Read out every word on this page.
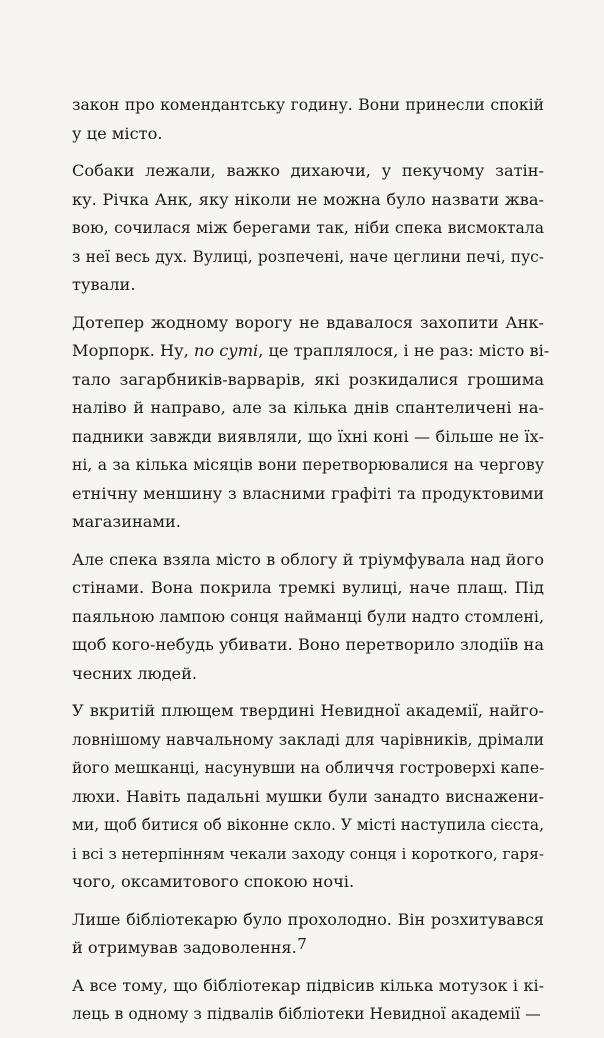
закон про комендантську годину. Вони принесли спокій
у це місто.

Собаки лежали, важко дихаючи, у пекучому затін-
ку. Річка Анк, яку ніколи не можна було назвати жва-
вою, сочилася між берегами так, ніби спека висмоктала
з неї весь дух. Вулиці, розпечені, наче цеглини печі, пус-
тували.

Дотепер жодному ворогу не вдавалося захопити Анк-
Морпорк. Ну, по суті, це траплялося, і не раз: місто ві-
тало загарбників-варварів, які розкидалися грошима
наліво й направо, але за кілька днів спантеличені на-
падники завжди виявляли, що їхні коні — більше не їх-
ні, а за кілька місяців вони перетворювалися на чергову
етнічну меншину з власними графіті та продуктовими
магазинами.

Але спека взяла місто в облогу й тріумфувала над його
стінами. Вона покрила тремкі вулиці, наче плащ. Під
паяльною лампою сонця найманці були надто стомлені,
щоб кого-небудь убивати. Воно перетворило злодіїв на
чесних людей.

У вкритій плющем твердині Невидної академії, найго-
ловнішому навчальному закладі для чарівників, дрімали
його мешканці, насунувши на обличчя гостроверхі капе-
люхи. Навіть падальні мушки були занадто виснажени-
ми, щоб битися об віконне скло. У місті наступила сієста,
і всі з нетерпінням чекали заходу сонця і короткого, гаря-
чого, оксамитового спокою ночі.

Лише бібліотекарю було прохолодно. Він розхитувався
й отримував задоволення.

А все тому, що бібліотекар підвісив кілька мотузок і кі-
лець в одному з підвалів бібліотеки Невидної академії —

7
